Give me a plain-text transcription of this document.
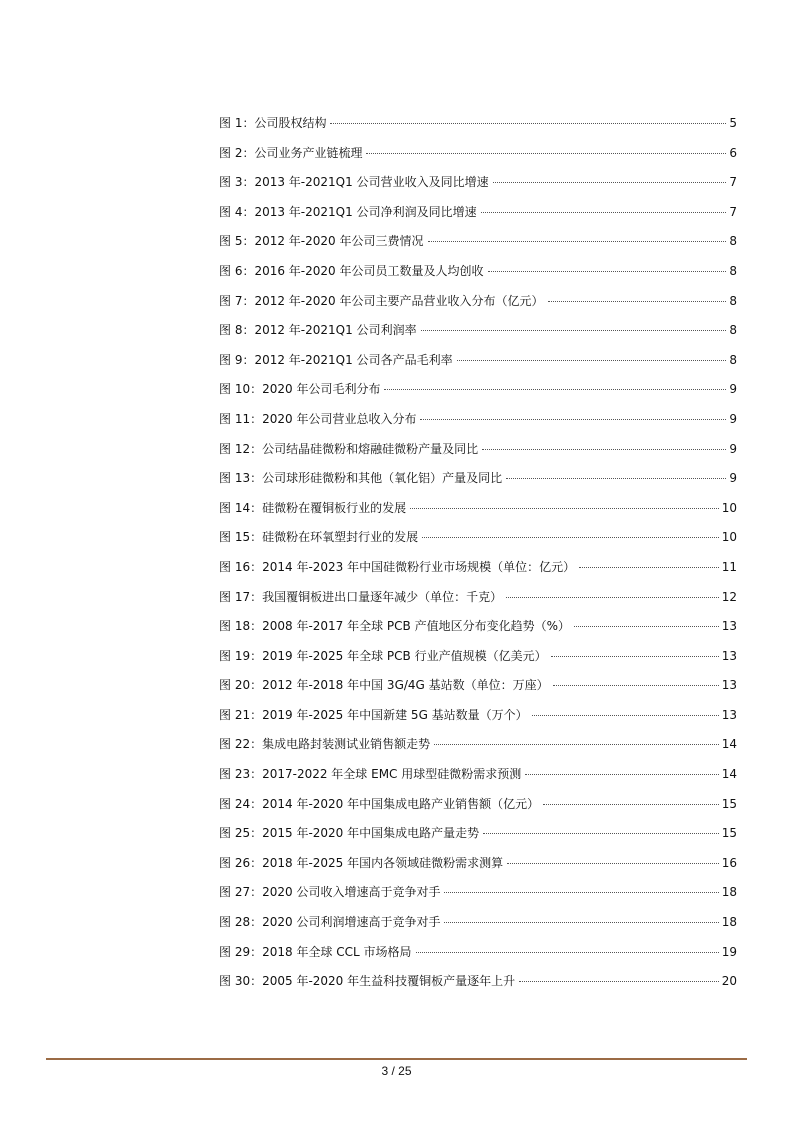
图 1：公司股权结构	5
图 2：公司业务产业链梳理	6
图 3：2013 年-2021Q1 公司营业收入及同比增速	7
图 4：2013 年-2021Q1 公司净利润及同比增速	7
图 5：2012 年-2020 年公司三费情况	8
图 6：2016 年-2020 年公司员工数量及人均创收	8
图 7：2012 年-2020 年公司主要产品营业收入分布（亿元）	8
图 8：2012 年-2021Q1 公司利润率	8
图 9：2012 年-2021Q1 公司各产品毛利率	8
图 10：2020 年公司毛利分布	9
图 11：2020 年公司营业总收入分布	9
图 12：公司结晶硅微粉和熔融硅微粉产量及同比	9
图 13：公司球形硅微粉和其他（氧化铝）产量及同比	9
图 14：硅微粉在覆铜板行业的发展	10
图 15：硅微粉在环氧塑封行业的发展	10
图 16：2014 年-2023 年中国硅微粉行业市场规模（单位：亿元）	11
图 17：我国覆铜板进出口量逐年减少（单位：千克）	12
图 18：2008 年-2017 年全球 PCB 产值地区分布变化趋势（%）	13
图 19：2019 年-2025 年全球 PCB 行业产值规模（亿美元）	13
图 20：2012 年-2018 年中国 3G/4G 基站数（单位：万座）	13
图 21：2019 年-2025 年中国新建 5G 基站数量（万个）	13
图 22：集成电路封装测试业销售额走势	14
图 23：2017-2022 年全球 EMC 用球型硅微粉需求预测	14
图 24：2014 年-2020 年中国集成电路产业销售额（亿元）	15
图 25：2015 年-2020 年中国集成电路产量走势	15
图 26：2018 年-2025 年国内各领域硅微粉需求测算	16
图 27：2020 公司收入增速高于竞争对手	18
图 28：2020 公司利润增速高于竞争对手	18
图 29：2018 年全球 CCL 市场格局	19
图 30：2005 年-2020 年生益科技覆铜板产量逐年上升	20
3 / 25
